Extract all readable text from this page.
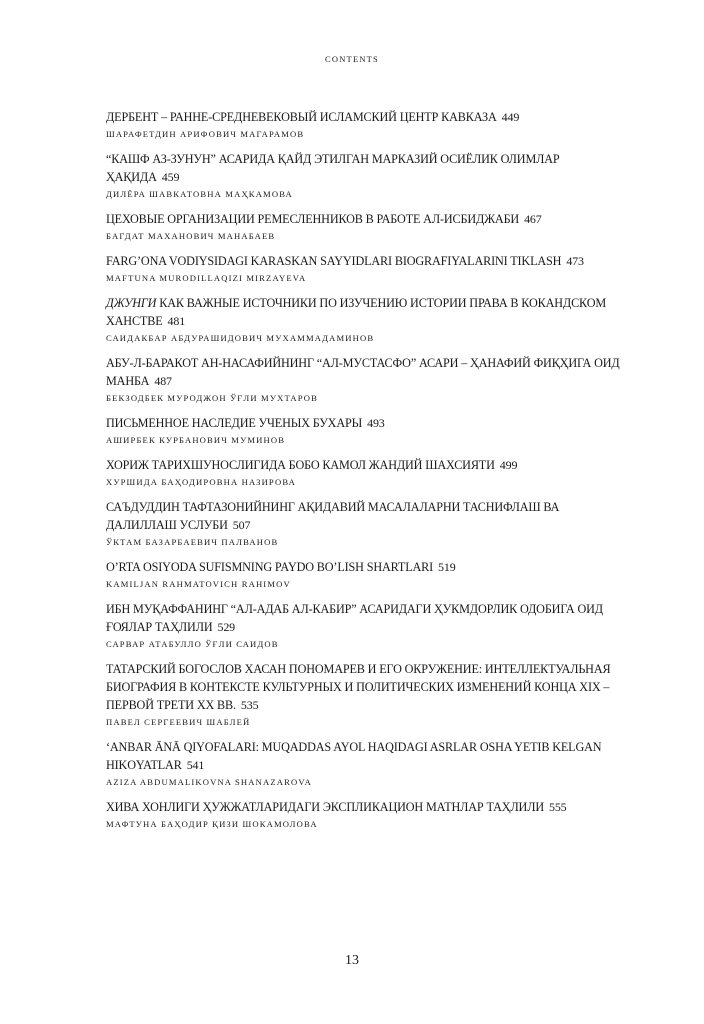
CONTENTS

ДЕРБЕНТ – РАННЕ-СРЕДНЕВЕКОВЫЙ ИСЛАМСКИЙ ЦЕНТР КАВКАЗА 449

ШАРАФЕТДИН АРИФОВИЧ МАГАРАМОВ

“КАШФ АЗ-ЗУНУН” АСАРИДА ҚАЙД ЭТИЛГАН МАРКАЗИЙ ОСИЁЛИК ОЛИМЛАР ҲАҚИДА 459

ДИЛЁРА ШАВКАТОВНА МАҲКАМОВА

ЦЕХОВЫЕ ОРГАНИЗАЦИИ РЕМЕСЛЕННИКОВ В РАБОТЕ АЛ-ИСБИДЖАБИ 467

БАГДАТ МАХАНОВИЧ МАНАБАЕВ

FARG’ONA VODIYSIDAGI KARASKAN SAYYIDLARI BIOGRAFIYALARINI TIKLASH 473

MAFTUNA MURODILLAQIZI MIRZAYEVA

ДЖУНГИ КАК ВАЖНЫЕ ИСТОЧНИКИ ПО ИЗУЧЕНИЮ ИСТОРИИ ПРАВА В КОКАНДСКОМ ХАНСТВЕ 481

САИДАКБАР АБДУРАШИДОВИЧ МУХАММАДАМИНОВ

АБУ-Л-БАРАКОТ АН-НАСАФИЙНИНГ “АЛ-МУСТАСФО” АСАРИ – ҲАНАФИЙ ФИҚҲИГА ОИД МАНБА 487

БЕКЗОДБЕК МУРОДЖОН ЎҒЛИ МУХТАРОВ

ПИСЬМЕННОЕ НАСЛЕДИЕ УЧЕНЫХ БУХАРЫ 493

АШИРБЕК КУРБАНОВИЧ МУМИНОВ

ХОРИЖ ТАРИХШУНОСЛИГИДА БОБО КАМОЛ ЖАНДИЙ ШАХСИЯТИ 499

ХУРШИДА БАҲОДИРОВНА НАЗИРОВА

САЪДУДДИН ТАФТАЗОНИЙНИНГ АҚИДАВИЙ МАСАЛАЛАРНИ ТАСНИФЛАШ ВА ДАЛИЛЛАШ УСЛУБИ 507

ЎКТАМ БАЗАРБАЕВИЧ ПАЛВАНОВ

O’RTA OSIYODA SUFISMNING PAYDO BO’LISH SHARTLARI 519

KAMILJAN RAHMATOVICH RAHIMOV

ИБН МУҚАФФАНИНГ “АЛ-АДАБ АЛ-КАБИР” АСАРИДАГИ ҲУКМДОРЛИК ОДОБИГА ОИД ҒОЯЛАР ТАҲЛИЛИ 529

САРВАР АТАБУЛЛО ЎҒЛИ САИДОВ

ТАТАРСКИЙ БОГОСЛОВ ХАСАН ПОНОМАРЕВ И ЕГО ОКРУЖЕНИЕ: ИНТЕЛЛЕКТУАЛЬНАЯ БИОГРАФИЯ В КОНТЕКСТЕ КУЛЬТУРНЫХ И ПОЛИТИЧЕСКИХ ИЗМЕНЕНИЙ КОНЦА XIX – ПЕРВОЙ ТРЕТИ XX ВВ. 535

ПАВЕЛ СЕРГЕЕВИЧ ШАБЛЕЙ

‘ANBAR ĀNĀ QIYOFALARI: MUQADDAS AYOL HAQIDAGI ASRLAR OSHA YETIB KELGAN HIKOYATLAR 541

AZIZA ABDUMALIKOVNA SHANAZAROVA

ХИВА ХОНЛИГИ ҲУЖЖАТЛАРИДАГИ ЭКСПЛИКАЦИОН МАТНЛАР ТАҲЛИЛИ 555

МАФТУНА БАҲОДИР ҚИЗИ ШОКАМОЛОВА
13
